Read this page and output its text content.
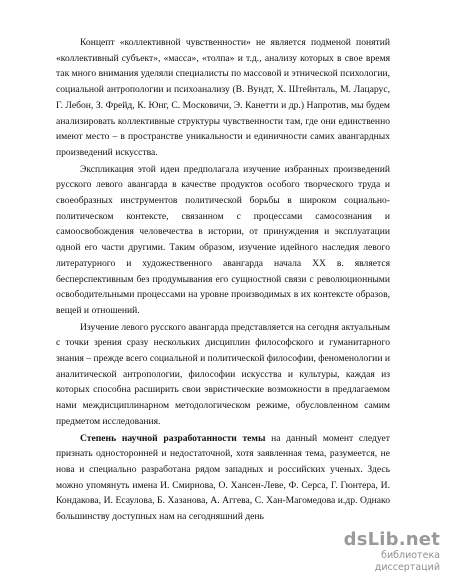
Концепт «коллективной чувственности» не является подменой понятий «коллективный субъект», «масса», «толпа» и т.д., анализу которых в свое время так много внимания уделяли специалисты по массовой и этнической психологии, социальной антропологии и психоанализу (В. Вундт, Х. Штейнталь, М. Лацарус, Г. Лебон, З. Фрейд, К. Юнг, С. Московичи, Э. Канетти и др.) Напротив, мы будем анализировать коллективные структуры чувственности там, где они единственно имеют место – в пространстве уникальности и единичности самих авангардных произведений искусства.

Экспликация этой идеи предполагала изучение избранных произведений русского левого авангарда в качестве продуктов особого творческого труда и своеобразных инструментов политической борьбы в широком социально-политическом контексте, связанном с процессами самосознания и самоосвобождения человечества в истории, от принуждения и эксплуатации одной его части другими. Таким образом, изучение идейного наследия левого литературного и художественного авангарда начала XX в. является бесперспективным без продумывания его сущностной связи с революционными освободительными процессами на уровне производимых в их контексте образов, вещей и отношений.

Изучение левого русского авангарда представляется на сегодня актуальным с точки зрения сразу нескольких дисциплин философского и гуманитарного знания – прежде всего социальной и политической философии, феноменологии и аналитической антропологии, философии искусства и культуры, каждая из которых способна расширить свои эвристические возможности в предлагаемом нами междисциплинарном методологическом режиме, обусловленном самим предметом исследования.

Степень научной разработанности темы на данный момент следует признать односторонней и недостаточной, хотя заявленная тема, разумеется, не нова и специально разработана рядом западных и российских ученых. Здесь можно упомянуть имена И. Смирнова, О. Хансен-Леве, Ф. Серса, Г. Гюнтера, И. Кондакова, И. Есаулова, Б. Хазанова, А. Аггева, С. Хан-Магомедова и.др. Однако большинству доступных нам на сегодняшний день

dsLib.net
библиотека диссертаций
